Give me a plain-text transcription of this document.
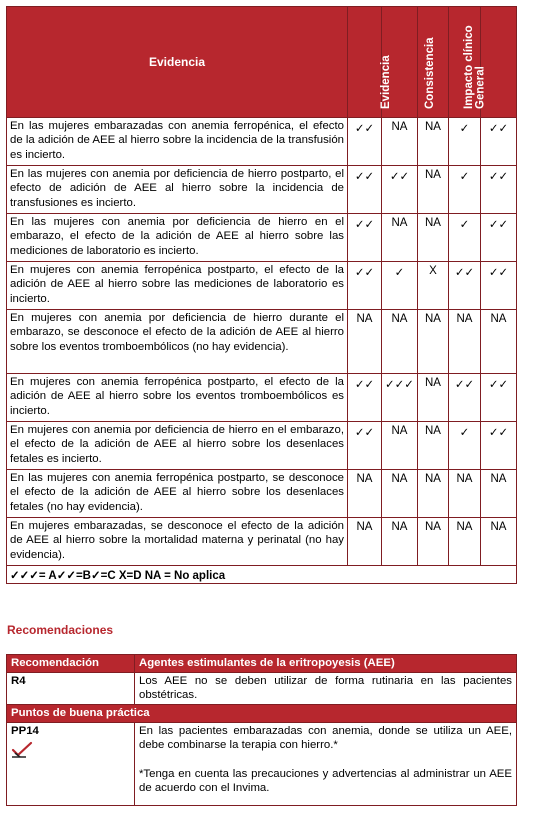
Evidencia	Evidencia	Consistencia	Impacto clínico	General	Aplicabilidad

En las mujeres embarazadas con anemia ferropénica, el efecto de la adición de AEE al hierro sobre la incidencia de la transfusión es incierto.	✓✓	NA	NA	✓	✓✓
En las mujeres con anemia por deficiencia de hierro postparto, el efecto de adición de AEE al hierro sobre la incidencia de transfusiones es incierto.	✓✓	✓✓	NA	✓	✓✓
En las mujeres con anemia por deficiencia de hierro en el embarazo, el efecto de la adición de AEE al hierro sobre las mediciones de laboratorio es incierto.	✓✓	NA	NA	✓	✓✓
En mujeres con anemia ferropénica postparto, el efecto de la adición de AEE al hierro sobre las mediciones de laboratorio es incierto.	✓✓	✓	X	✓✓	✓✓
En mujeres con anemia por deficiencia de hierro durante el embarazo, se desconoce el efecto de la adición de AEE al hierro sobre los eventos tromboembólicos (no hay evidencia).	NA	NA	NA	NA	NA
En mujeres con anemia ferropénica postparto, el efecto de la adición de AEE al hierro sobre los eventos tromboembólicos es incierto.	✓✓	✓✓✓	NA	✓✓	✓✓
En mujeres con anemia por deficiencia de hierro en el embarazo, el efecto de la adición de AEE al hierro sobre los desenlaces fetales es incierto.	✓✓	NA	NA	✓	✓✓
En las mujeres con anemia ferropénica postparto, se desconoce el efecto de la adición de AEE al hierro sobre los desenlaces fetales (no hay evidencia).	NA	NA	NA	NA	NA
En mujeres embarazadas, se desconoce el efecto de la adición de AEE al hierro sobre la mortalidad materna y perinatal (no hay evidencia).	NA	NA	NA	NA	NA
✓✓✓= A✓✓=B✓=C X=D NA = No aplica					
Recomendaciones
Recomendación	Agentes estimulantes de la eritropoyesis (AEE)
R4	Los AEE no se deben utilizar de forma rutinaria en las pacientes obstétricas.
Puntos de buena práctica	

PP14	En las pacientes embarazadas con anemia, donde se utiliza un AEE, debe combinarse la terapia con hierro.*
*Tenga en cuenta las precauciones y advertencias al administrar un AEE de acuerdo con el Invima.
